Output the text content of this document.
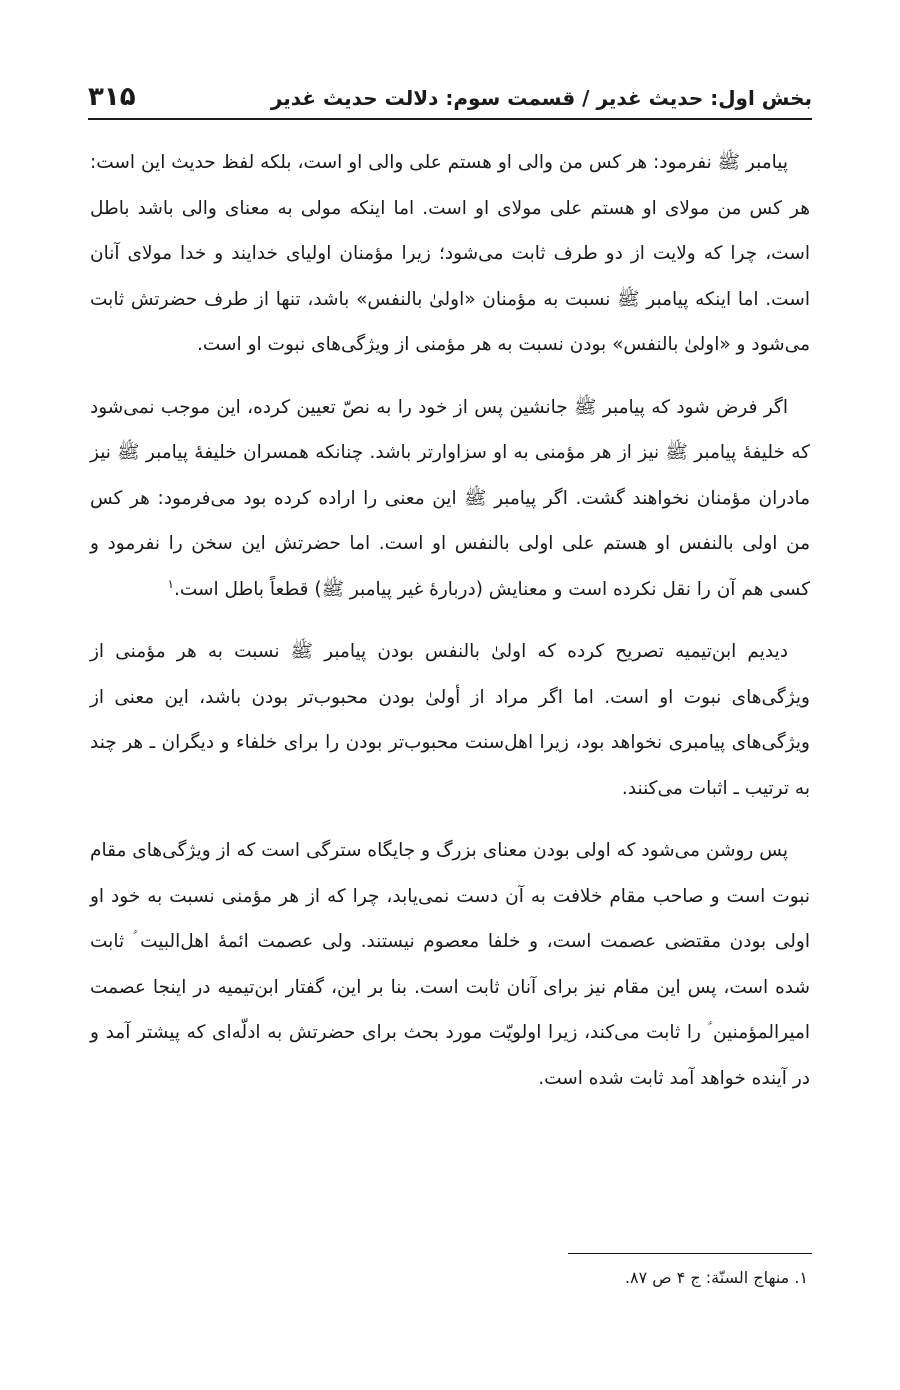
۳۱۵	بخش اول: حدیث غدیر / قسمت سوم: دلالت حدیث غدیر

پیامبر ﷺ نفرمود: هر کس من والی او هستم علی والی او است، بلکه لفظ حدیث این است: هر کس من مولای او هستم علی مولای او است. اما اینکه مولی به معنای والی باشد باطل است، چرا که ولایت از دو طرف ثابت می‌شود؛ زیرا مؤمنان اولیای خدایند و خدا مولای آنان است. اما اینکه پیامبر ﷺ نسبت به مؤمنان «اولیٰ بالنفس» باشد، تنها از طرف حضرتش ثابت می‌شود و «اولیٰ بالنفس» بودن نسبت به هر مؤمنی از ویژگی‌های نبوت او است.

اگر فرض شود که پیامبر ﷺ جانشین پس از خود را به نصّ تعیین کرده، این موجب نمی‌شود که خلیفهٔ پیامبر ﷺ نیز از هر مؤمنی به او سزاوارتر باشد. چنانکه همسران خلیفهٔ پیامبر ﷺ نیز مادران مؤمنان نخواهند گشت. اگر پیامبر ﷺ این معنی را اراده کرده بود می‌فرمود: هر کس من اولی بالنفس او هستم علی اولی بالنفس او است. اما حضرتش این سخن را نفرمود و کسی هم آن را نقل نکرده است و معنایش (دربارهٔ غیر پیامبر ﷺ) قطعاً باطل است.$^۱$

دیدیم ابن‌تیمیه تصریح کرده که اولیٰ بالنفس بودن پیامبر ﷺ نسبت به هر مؤمنی از ویژگی‌های نبوت او است. اما اگر مراد از أولیٰ بودن محبوب‌تر بودن باشد، این معنی از ویژگی‌های پیامبری نخواهد بود، زیرا اهل‌سنت محبوب‌تر بودن را برای خلفاء و دیگران ـ هر چند به ترتیب ـ اثبات می‌کنند.

پس روشن می‌شود که اولی بودن معنای بزرگ و جایگاه سترگی است که از ویژگی‌های مقام نبوت است و صاحب مقام خلافت به آن دست نمی‌یابد، چرا که از هر مؤمنی نسبت به خود او اولی بودن مقتضی عصمت است، و خلفا معصوم نیستند. ولی عصمت ائمهٔ اهل‌البیت ؑ ثابت شده است، پس این مقام نیز برای آنان ثابت است. بنا بر این، گفتار ابن‌تیمیه در اینجا عصمت امیرالمؤمنین ؑ را ثابت می‌کند، زیرا اولویّت مورد بحث برای حضرتش به ادلّه‌ای که پیشتر آمد و در آینده خواهد آمد ثابت شده است.

۱. منهاج السنّة: ج ۴ ص ۸۷.
